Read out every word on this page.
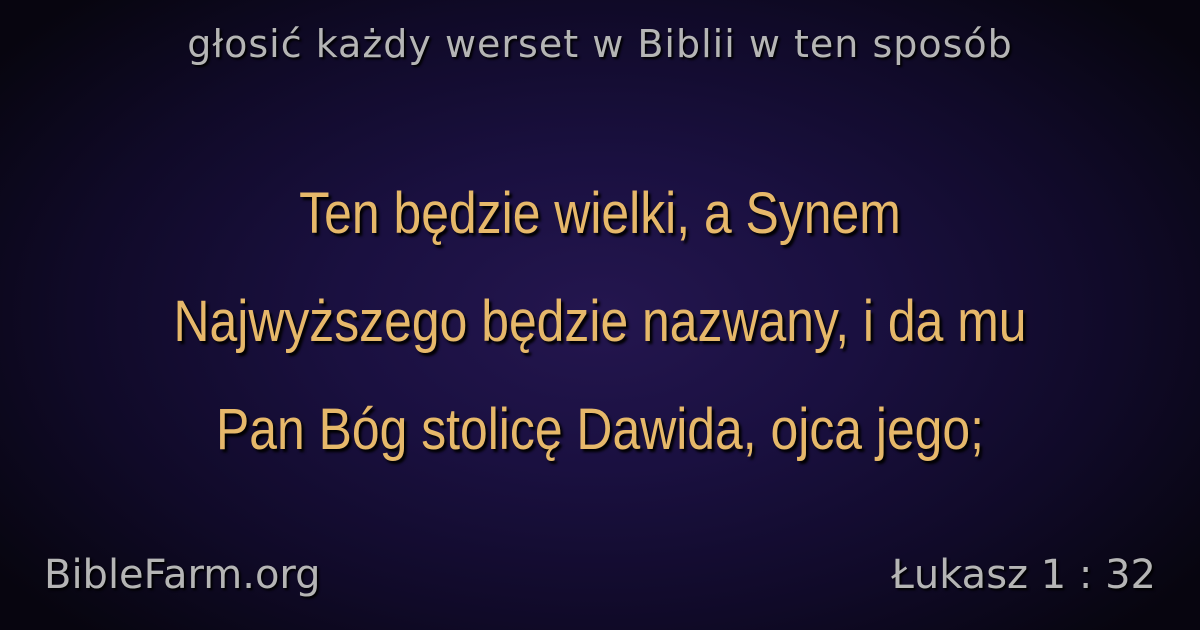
głosić każdy werset w Biblii w ten sposób
Ten będzie wielki, a Synem
Najwyższego będzie nazwany, i da mu
Pan Bóg stolicę Dawida, ojca jego;
BibleFarm.org	Łukasz 1 : 32
